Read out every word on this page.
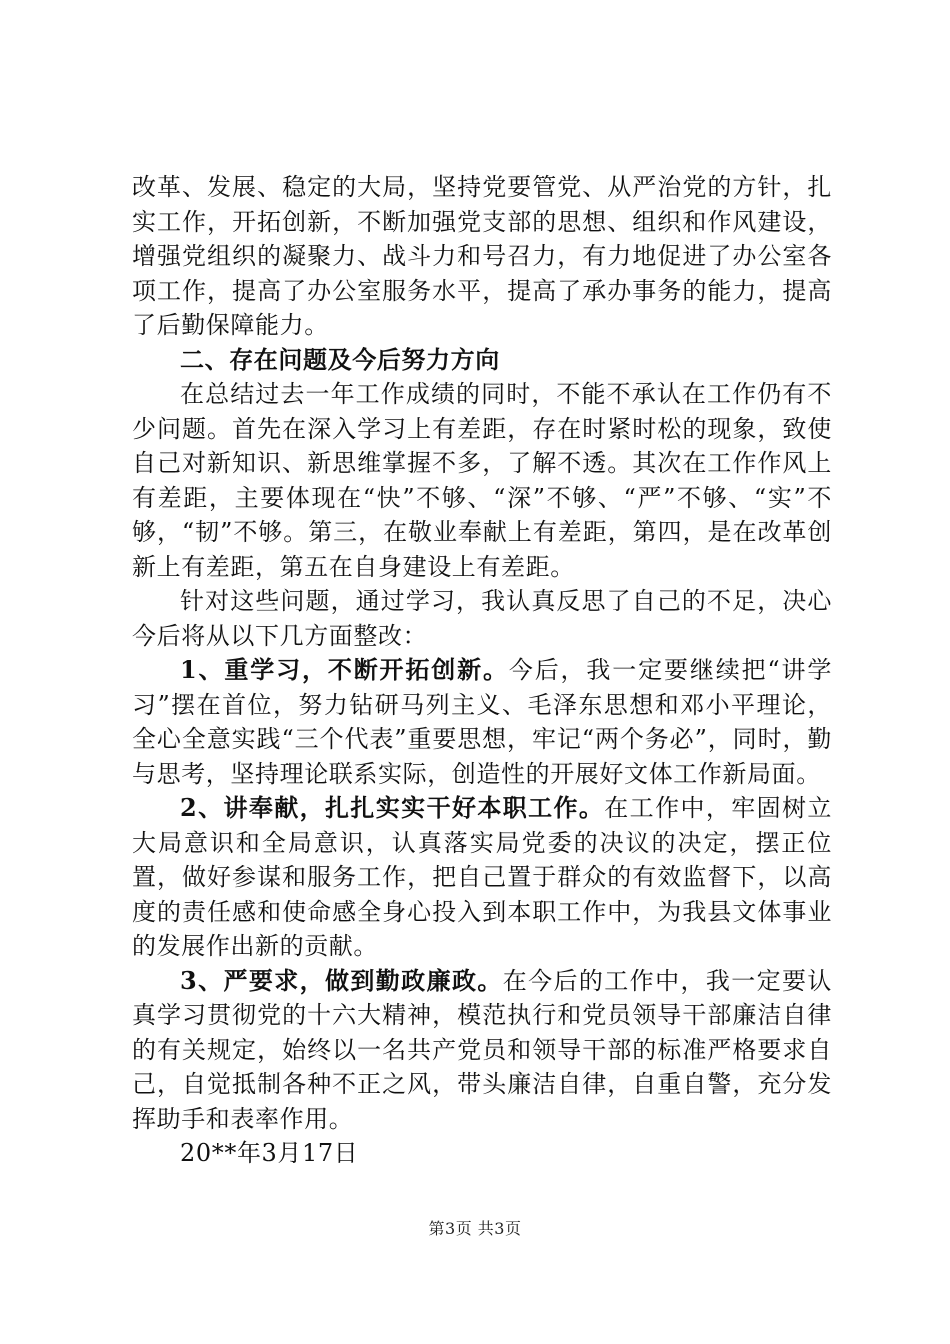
改革、发展、稳定的大局，坚持党要管党、从严治党的方针，扎实工作，开拓创新，不断加强党支部的思想、组织和作风建设，增强党组织的凝聚力、战斗力和号召力，有力地促进了办公室各项工作，提高了办公室服务水平，提高了承办事务的能力，提高了后勤保障能力。

二、存在问题及今后努力方向

在总结过去一年工作成绩的同时，不能不承认在工作仍有不少问题。首先在深入学习上有差距，存在时紧时松的现象，致使自己对新知识、新思维掌握不多，了解不透。其次在工作作风上有差距，主要体现在“快”不够、“深”不够、“严”不够、“实”不够，“韧”不够。第三，在敬业奉献上有差距，第四，是在改革创新上有差距，第五在自身建设上有差距。

针对这些问题，通过学习，我认真反思了自己的不足，决心今后将从以下几方面整改：

1、重学习，不断开拓创新。今后，我一定要继续把“讲学习”摆在首位，努力钻研马列主义、毛泽东思想和邓小平理论，全心全意实践“三个代表”重要思想，牢记“两个务必”，同时，勤与思考，坚持理论联系实际，创造性的开展好文体工作新局面。

2、讲奉献，扎扎实实干好本职工作。在工作中，牢固树立大局意识和全局意识，认真落实局党委的决议的决定，摆正位置，做好参谋和服务工作，把自己置于群众的有效监督下，以高度的责任感和使命感全身心投入到本职工作中，为我县文体事业的发展作出新的贡献。

3、严要求，做到勤政廉政。在今后的工作中，我一定要认真学习贯彻党的十六大精神，模范执行和党员领导干部廉洁自律的有关规定，始终以一名共产党员和领导干部的标准严格要求自己，自觉抵制各种不正之风，带头廉洁自律，自重自警，充分发挥助手和表率作用。

20**年3月17日

第3页 共3页
